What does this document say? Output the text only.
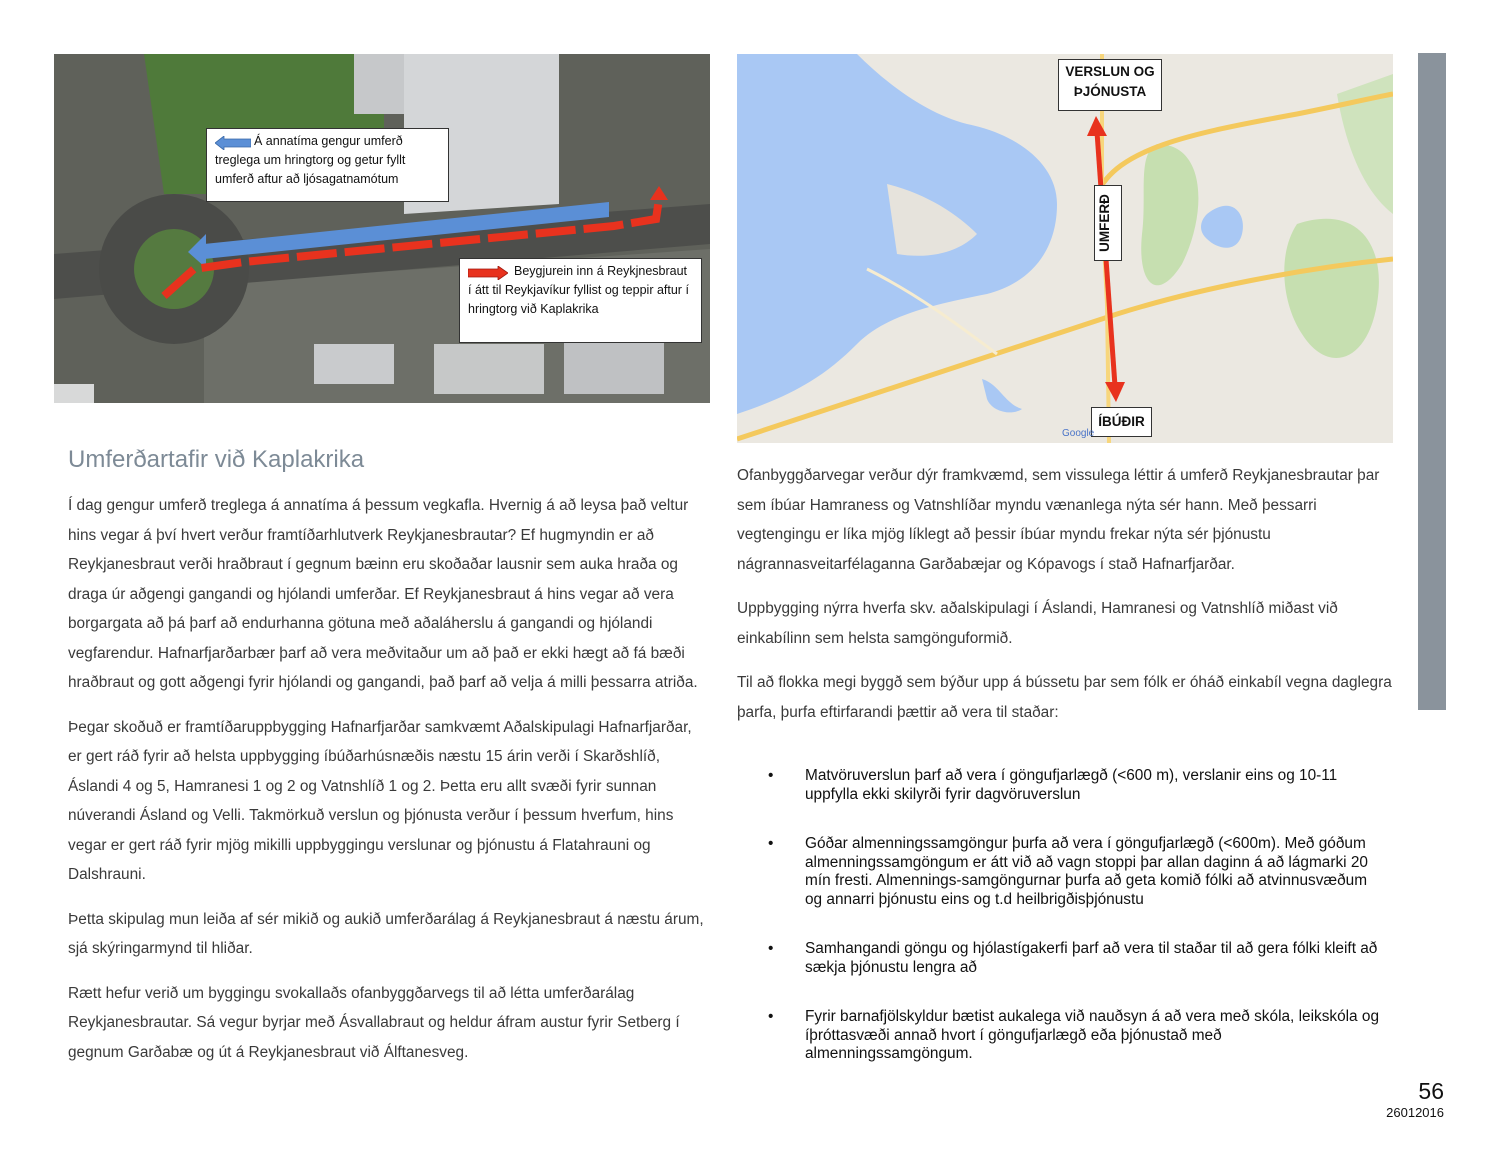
Á annatíma gengur umferð treglega um hringtorg og getur fyllt umferð aftur að ljósagatnamótum
Beygjurein inn á Reykjnesbraut í átt til Reykjavíkur fyllist og teppir aftur í hringtorg við Kaplakrika
VERSLUN OG ÞJÓNUSTA
UMFERÐ
ÍBÚÐIR
Google
Umferðartafir við Kaplakrika

Í dag gengur umferð treglega á annatíma á þessum vegkafla. Hvernig á að leysa það veltur hins vegar á því hvert verður framtíðarhlutverk Reykjanesbrautar? Ef hugmyndin er að Reykjanesbraut verði hraðbraut í gegnum bæinn eru skoðaðar lausnir sem auka hraða og draga úr aðgengi gangandi og hjólandi umferðar. Ef Reykjanesbraut á hins vegar að vera borgargata að þá þarf að endurhanna götuna með aðaláherslu á gangandi og hjólandi vegfarendur. Hafnarfjarðarbær þarf að vera meðvitaður um að það er ekki hægt að fá bæði hraðbraut og gott aðgengi fyrir hjólandi og gangandi, það þarf að velja á milli þessarra atriða.

Þegar skoðuð er framtíðaruppbygging Hafnarfjarðar samkvæmt Aðalskipulagi Hafnarfjarðar, er gert ráð fyrir að helsta uppbygging íbúðarhúsnæðis næstu 15 árin verði í Skarðshlíð, Áslandi 4 og 5, Hamranesi 1 og 2 og Vatnshlíð 1 og 2. Þetta eru allt svæði fyrir sunnan núverandi Ásland og Velli. Takmörkuð verslun og þjónusta verður í þessum hverfum, hins vegar er gert ráð fyrir mjög mikilli uppbyggingu verslunar og þjónustu á Flatahrauni og Dalshrauni.

Þetta skipulag mun leiða af sér mikið og aukið umferðarálag á Reykjanesbraut á næstu árum, sjá skýringarmynd til hliðar.

Rætt hefur verið um byggingu svokallaðs ofanbyggðarvegs til að létta umferðarálag Reykjanesbrautar. Sá vegur byrjar með Ásvallabraut og heldur áfram austur fyrir Setberg í gegnum Garðabæ og út á Reykjanesbraut við Álftanesveg.

Ofanbyggðarvegar verður dýr framkvæmd, sem vissulega léttir á umferð Reykjanesbrautar þar sem íbúar Hamraness og Vatnshlíðar myndu vænanlega nýta sér hann. Með þessarri vegtengingu er líka mjög líklegt að þessir íbúar myndu frekar nýta sér þjónustu nágrannasveitarfélaganna Garðabæjar og Kópavogs í stað Hafnarfjarðar.

Uppbygging nýrra hverfa skv. aðalskipulagi í Áslandi, Hamranesi og Vatnshlíð miðast við einkabílinn sem helsta samgönguformið.

Til að flokka megi byggð sem býður upp á bússetu þar sem fólk er óháð einkabíl vegna daglegra þarfa, þurfa eftirfarandi þættir að vera til staðar:

• Matvöruverslun þarf að vera í göngufjarlægð (<600 m), verslanir eins og 10-11 uppfylla ekki skilyrði fyrir dagvöruverslun
• Góðar almenningssamgöngur þurfa að vera í göngufjarlægð (<600m). Með góðum almenningssamgöngum er átt við að vagn stoppi þar allan daginn á að lágmarki 20 mín fresti. Almennings-samgöngurnar þurfa að geta komið fólki að atvinnusvæðum og annarri þjónustu eins og t.d heilbrigðisþjónustu
• Samhangandi göngu og hjólastígakerfi þarf að vera til staðar til að gera fólki kleift að sækja þjónustu lengra að
• Fyrir barnafjölskyldur bætist aukalega við nauðsyn á að vera með skóla, leikskóla og íþróttasvæði annað hvort í göngufjarlægð eða þjónustað með almenningssamgöngum.
56
26012016
